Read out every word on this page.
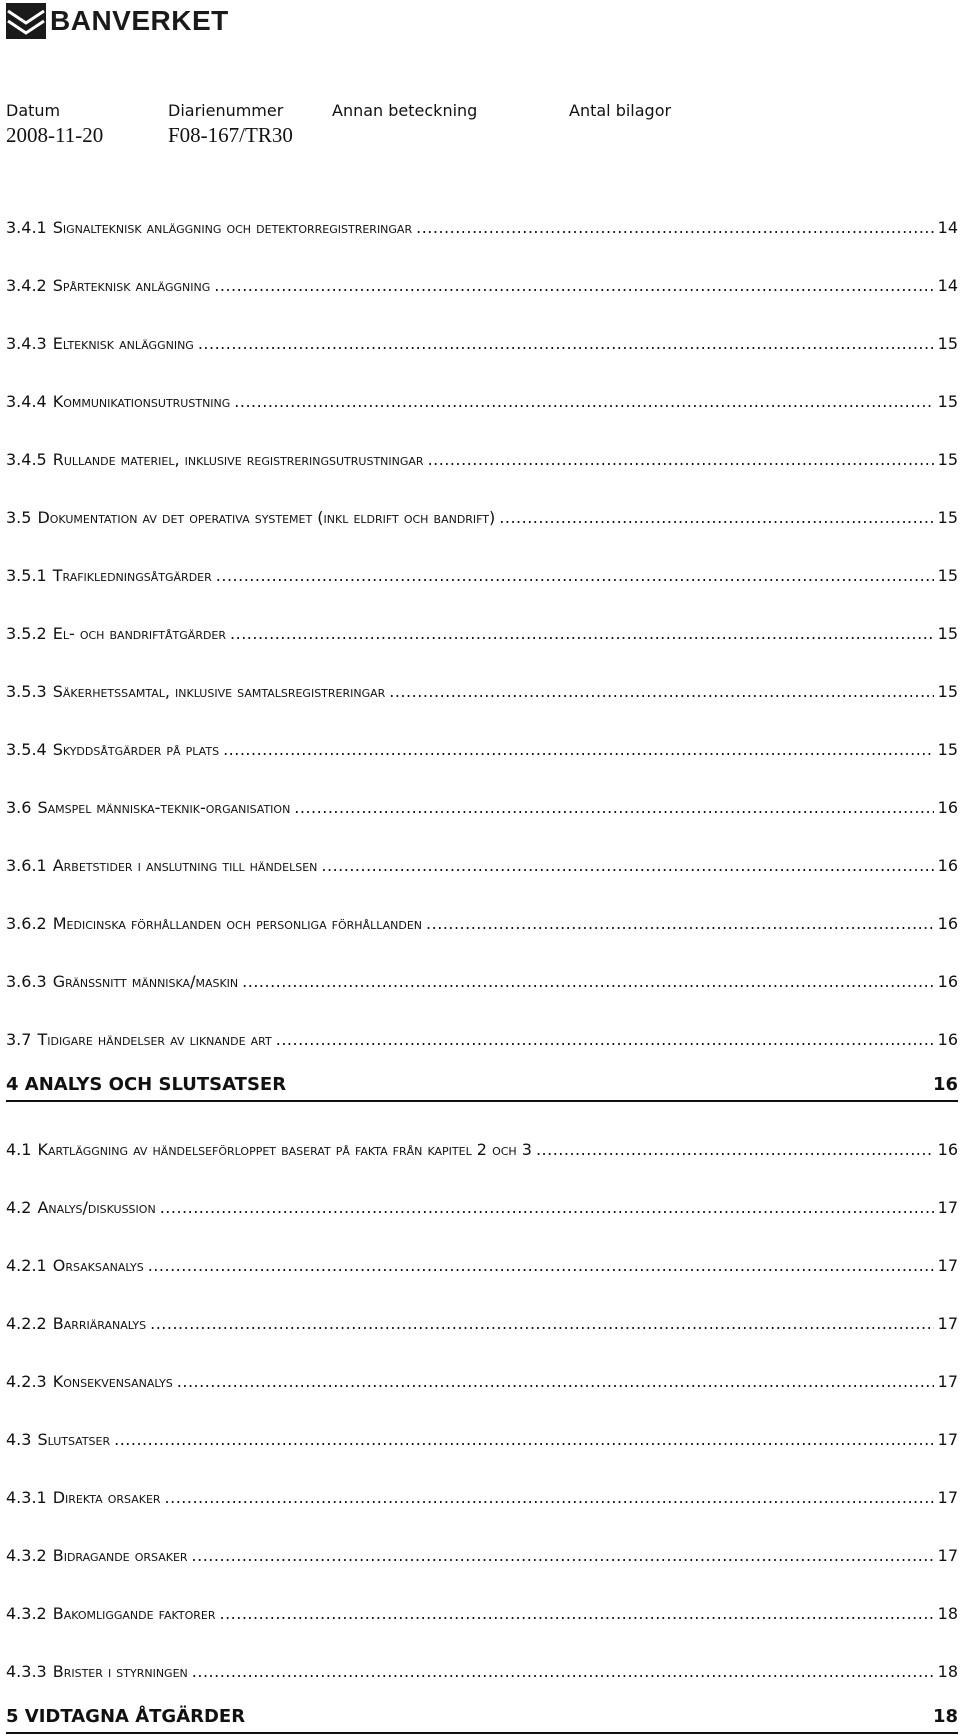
BANVERKET
Datum	Diarienummer	Annan beteckning	Antal bilagor
2008-11-20	F08-167/TR30
3.4.1 Signalteknisk anläggning och detektorregistreringar .....	14
3.4.2 Spårteknisk anläggning .....	14
3.4.3 Elteknisk anläggning .....	15
3.4.4 Kommunikationsutrustning .....	15
3.4.5 Rullande materiel, inklusive registreringsutrustningar .....	15
3.5 Dokumentation av det operativa systemet (inkl eldrift och bandrift) .....	15
3.5.1 Trafikledningsåtgärder .....	15
3.5.2 El- och bandriftåtgärder .....	15
3.5.3 Säkerhetssamtal, inklusive samtalsregistreringar .....	15
3.5.4 Skyddsåtgärder på plats .....	15
3.6 Samspel människa-teknik-organisation .....	16
3.6.1 Arbetstider i anslutning till händelsen .....	16
3.6.2 Medicinska förhållanden och personliga förhållanden .....	16
3.6.3 Gränssnitt människa/maskin .....	16
3.7 Tidigare händelser av liknande art .....	16
4 ANALYS OCH SLUTSATSER	16
4.1 Kartläggning av händelseförloppet baserat på fakta från kapitel 2 och 3 .....	16
4.2 Analys/diskussion .....	17
4.2.1 Orsaksanalys .....	17
4.2.2 Barriäranalys .....	17
4.2.3 Konsekvensanalys .....	17
4.3 Slutsatser .....	17
4.3.1 Direkta orsaker .....	17
4.3.2 Bidragande orsaker .....	17
4.3.2 Bakomliggande faktorer .....	18
4.3.3 Brister i styrningen .....	18
5 VIDTAGNA ÅTGÄRDER	18
